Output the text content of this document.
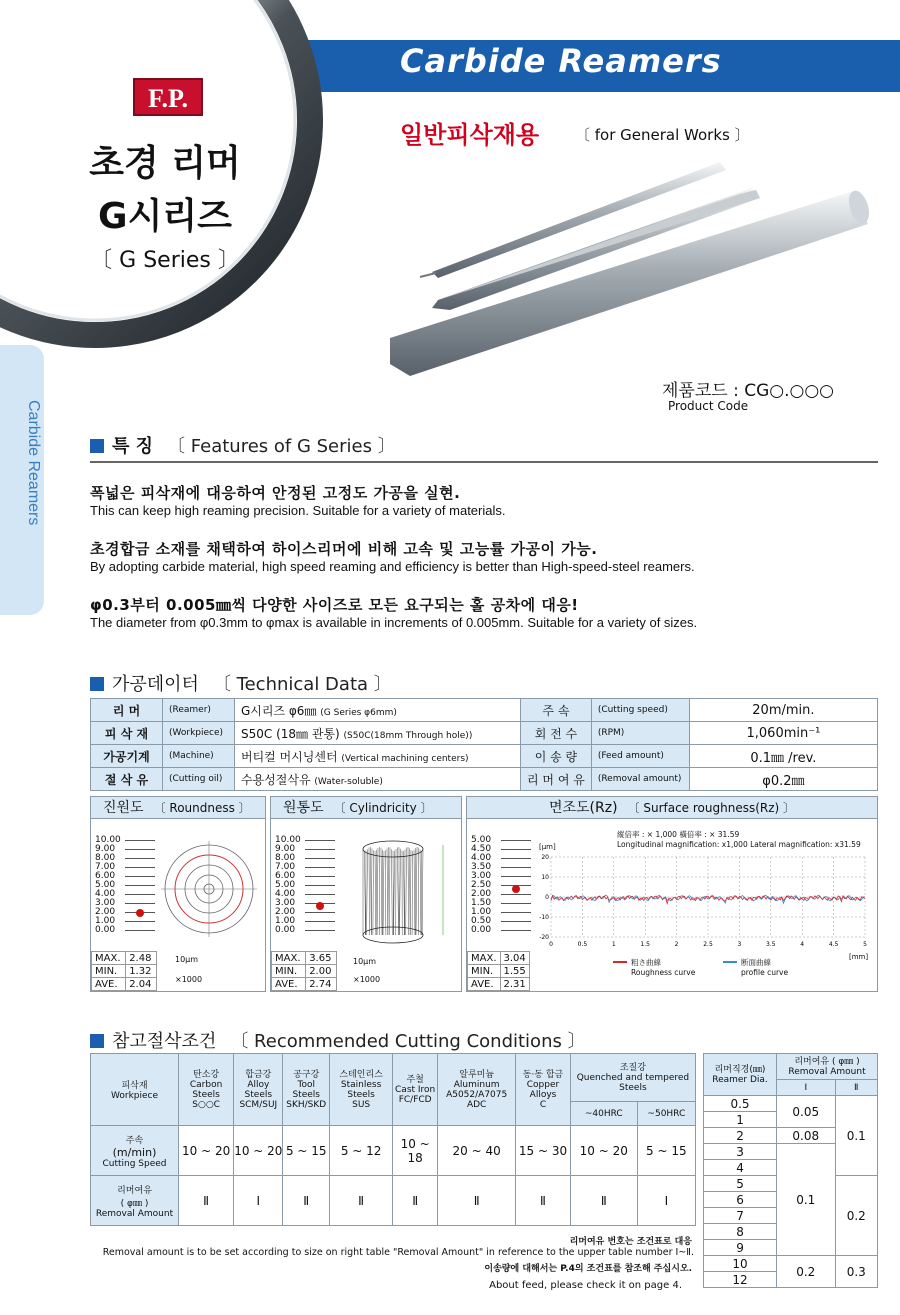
Carbide Reamers
Carbide Reamers
F.P.
초경 리머
G시리즈
〔 G Series 〕
일반피삭재용 〔 for General Works 〕
제품코드 : CG○.○○○
Product Code
특 징 〔 Features of G Series 〕
폭넓은 피삭재에 대응하여 안정된 고정도 가공을 실현.
This can keep high reaming precision. Suitable for a variety of materials.
초경합금 소재를 채택하여 하이스리머에 비해 고속 및 고능률 가공이 가능.
By adopting carbide material, high speed reaming and efficiency is better than High-speed-steel reamers.
φ0.3부터 0.005㎜씩 다양한 사이즈로 모든 요구되는 홀 공차에 대응!
The diameter from φ0.3mm to φmax is available in increments of 0.005mm. Suitable for a variety of sizes.
가공데이터 〔 Technical Data 〕
리 머	(Reamer)	G시리즈 φ6㎜ (G Series φ6mm)	주 속	(Cutting speed)	20m/min.
피 삭 재	(Workpiece)	S50C (18㎜ 관통) (S50C(18mm Through hole))	회 전 수	(RPM)	1,060min⁻¹
가공기계	(Machine)	버티컬 머시닝센터 (Vertical machining centers)	이 송 량	(Feed amount)	0.1㎜ /rev.
절 삭 유	(Cutting oil)	수용성절삭유 (Water-soluble)	리 머 여 유	(Removal amount)	φ0.2㎜
진원도 〔 Roundness 〕
10.00
9.00
8.00
7.00
6.00
5.00
4.00
3.00
2.00
1.00
0.00
MAX.	2.48
MIN.	1.32
AVE.	2.04
10μm
×1000
원통도 〔 Cylindricity 〕
10.00
9.00
8.00
7.00
6.00
5.00
4.00
3.00
2.00
1.00
0.00
MAX.	3.65
MIN.	2.00
AVE.	2.74
10μm
×1000
면조도(Rz) 〔 Surface roughness(Rz) 〕
5.00
4.50
4.00
3.50
3.00
2.50
2.00
1.50
1.00
0.50
0.00
縱倍率 : × 1,000 橫倍率 : × 31.59
Longitudinal magnification: x1,000 Lateral magnification: x31.59
[μm]
20
10
0
-10
-20
0	0.5	1	1.5	2	2.5	3	3.5	4	4.5	5
[mm]
MAX.	3.04
MIN.	1.55
AVE.	2.31
粗さ曲線
Roughness curve
断面曲線
profile curve
참고절삭조건 〔 Recommended Cutting Conditions 〕
피삭재
Workpiece	탄소강
Carbon Steels
S○○C	합금강
Alloy Steels
SCM/SUJ	공구강
Tool Steels
SKH/SKD	스테인리스
Stainless Steels
SUS	주철
Cast Iron
FC/FCD	알루미늄
Aluminum
A5052/A7075 ADC	동·동 합금
Copper Alloys
C	조질강
Quenched and tempered Steels	
								~40HRC	~50HRC
주속
(m/min)
Cutting Speed	10 ~ 20	10 ~ 20	5 ~ 15	5 ~ 12	10 ~ 18	20 ~ 40	15 ~ 30	10 ~ 20	5 ~ 15
리머여유
( φ㎜ )
Removal Amount	Ⅱ	Ⅰ	Ⅱ	Ⅱ	Ⅱ	Ⅱ	Ⅱ	Ⅱ	Ⅰ
리머직경(㎜)
Reamer Dia.	리머여유 ( φ㎜ )
Removal Amount	
	Ⅰ	Ⅱ
0.5	0.05	0.1
1		
2	0.08	
3	0.1	
4		
5		0.2
6		
7		
8		
9		
10	0.2	0.3
12		
리머여유 번호는 조건표로 대응
Removal amount is to be set according to size on right table "Removal Amount" in reference to the upper table number Ⅰ~Ⅱ.
이송량에 대해서는 P.4의 조건표를 참조해 주십시오.
About feed, please check it on page 4.
